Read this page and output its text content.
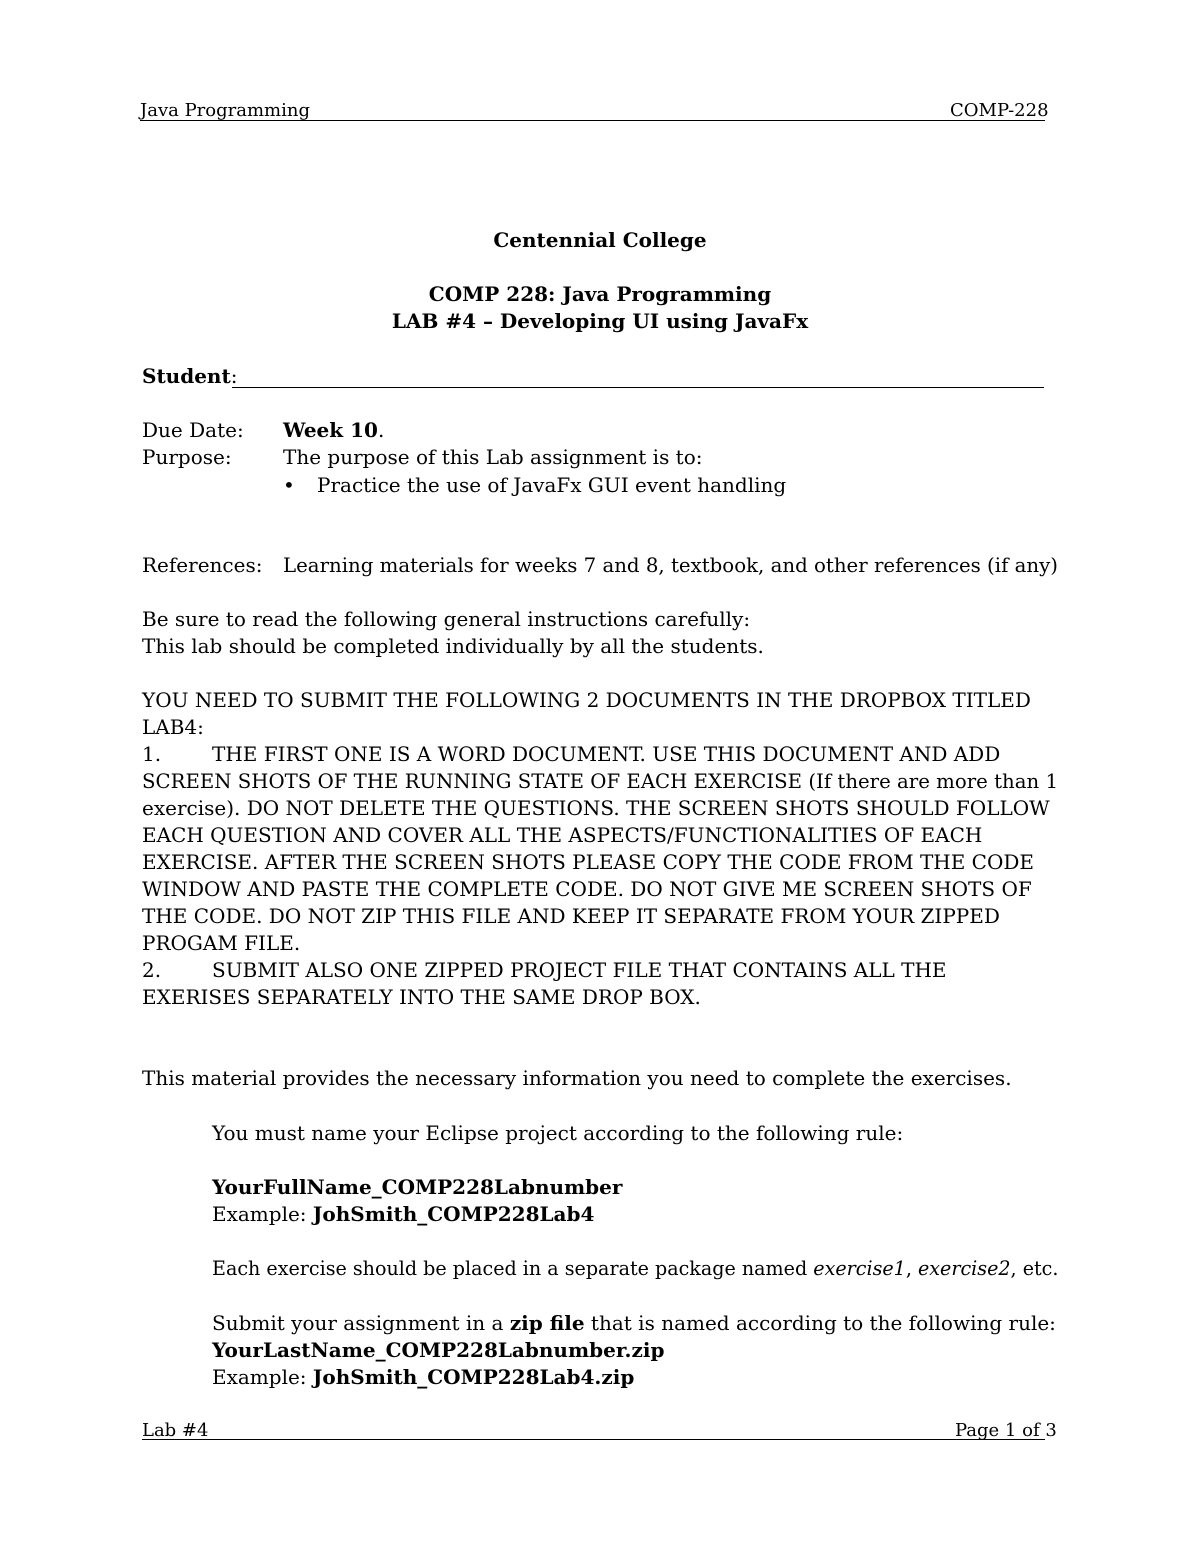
Java Programming	COMP-228
Centennial College
COMP 228: Java Programming
LAB #4 – Developing UI using JavaFx
Student:
Due Date: Week 10.
Purpose:	The purpose of this Lab assignment is to:
• Practice the use of JavaFx GUI event handling
References: Learning materials for weeks 7 and 8, textbook, and other references (if any)
Be sure to read the following general instructions carefully:
This lab should be completed individually by all the students.
YOU NEED TO SUBMIT THE FOLLOWING 2 DOCUMENTS IN THE DROPBOX TITLED
LAB4:
1.	THE FIRST ONE IS A WORD DOCUMENT. USE THIS DOCUMENT AND ADD
SCREEN SHOTS OF THE RUNNING STATE OF EACH EXERCISE (If there are more than 1
exercise). DO NOT DELETE THE QUESTIONS. THE SCREEN SHOTS SHOULD FOLLOW
EACH QUESTION AND COVER ALL THE ASPECTS/FUNCTIONALITIES OF EACH
EXERCISE. AFTER THE SCREEN SHOTS PLEASE COPY THE CODE FROM THE CODE
WINDOW AND PASTE THE COMPLETE CODE. DO NOT GIVE ME SCREEN SHOTS OF
THE CODE. DO NOT ZIP THIS FILE AND KEEP IT SEPARATE FROM YOUR ZIPPED
PROGAM FILE.
2.	SUBMIT ALSO ONE ZIPPED PROJECT FILE THAT CONTAINS ALL THE
EXERISES SEPARATELY INTO THE SAME DROP BOX.
This material provides the necessary information you need to complete the exercises.
You must name your Eclipse project according to the following rule:
YourFullName_COMP228Labnumber
Example: JohSmith_COMP228Lab4
Each exercise should be placed in a separate package named exercise1, exercise2, etc.
Submit your assignment in a zip file that is named according to the following rule:
YourLastName_COMP228Labnumber.zip
Example: JohSmith_COMP228Lab4.zip
Lab #4	Page 1 of 3
